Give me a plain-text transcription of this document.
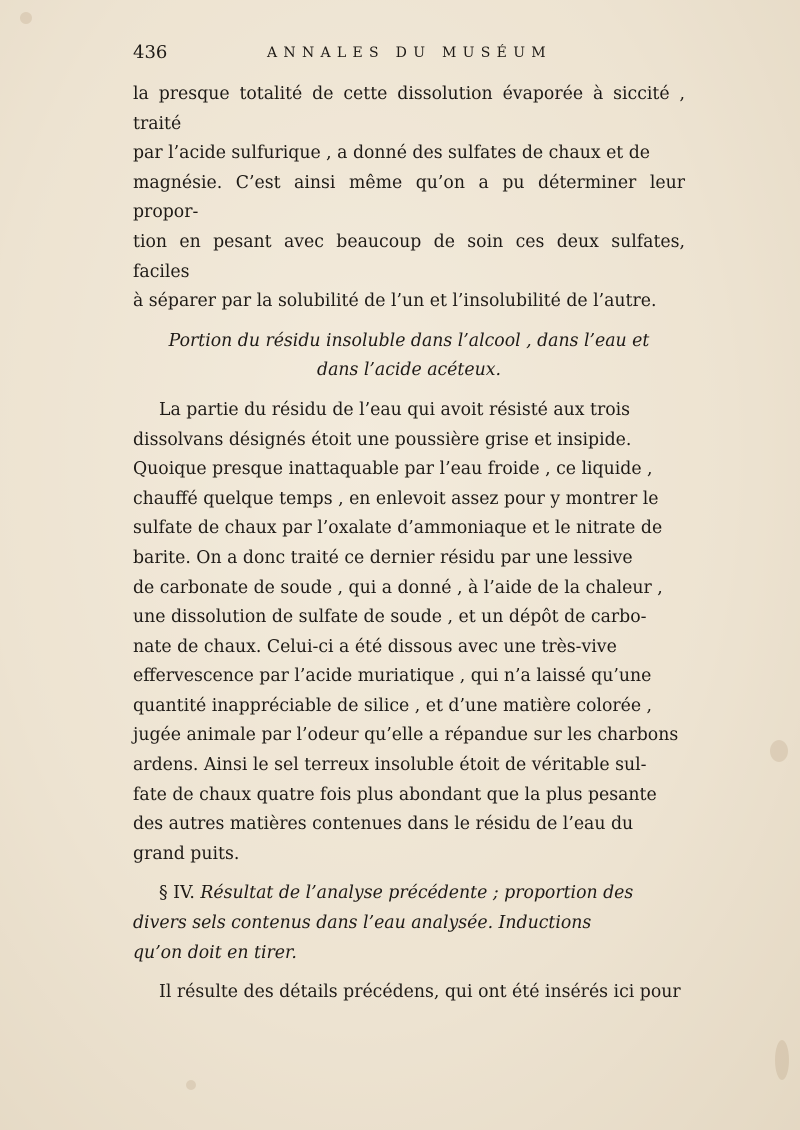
436	ANNALES DU MUSÉUM

la presque totalité de cette dissolution évaporée à siccité , traité

par l’acide sulfurique , a donné des sulfates de chaux et de

magnésie. C’est ainsi même qu’on a pu déterminer leur propor-

tion en pesant avec beaucoup de soin ces deux sulfates, faciles

à séparer par la solubilité de l’un et l’insolubilité de l’autre.

Portion du résidu insoluble dans l’alcool , dans l’eau et

dans l’acide acéteux.

La partie du résidu de l’eau qui avoit résisté aux trois

dissolvans désignés étoit une poussière grise et insipide.

Quoique presque inattaquable par l’eau froide , ce liquide ,

chauffé quelque temps , en enlevoit assez pour y montrer le

sulfate de chaux par l’oxalate d’ammoniaque et le nitrate de

barite. On a donc traité ce dernier résidu par une lessive

de carbonate de soude , qui a donné , à l’aide de la chaleur ,

une dissolution de sulfate de soude , et un dépôt de carbo-

nate de chaux. Celui-ci a été dissous avec une très-vive

effervescence par l’acide muriatique , qui n’a laissé qu’une

quantité inappréciable de silice , et d’une matière colorée ,

jugée animale par l’odeur qu’elle a répandue sur les charbons

ardens. Ainsi le sel terreux insoluble étoit de véritable sul-

fate de chaux quatre fois plus abondant que la plus pesante

des autres matières contenues dans le résidu de l’eau du

grand puits.

§ IV. Résultat de l’analyse précédente ; proportion des

divers sels contenus dans l’eau analysée. Inductions

qu’on doit en tirer.

Il résulte des détails précédens, qui ont été insérés ici pour
